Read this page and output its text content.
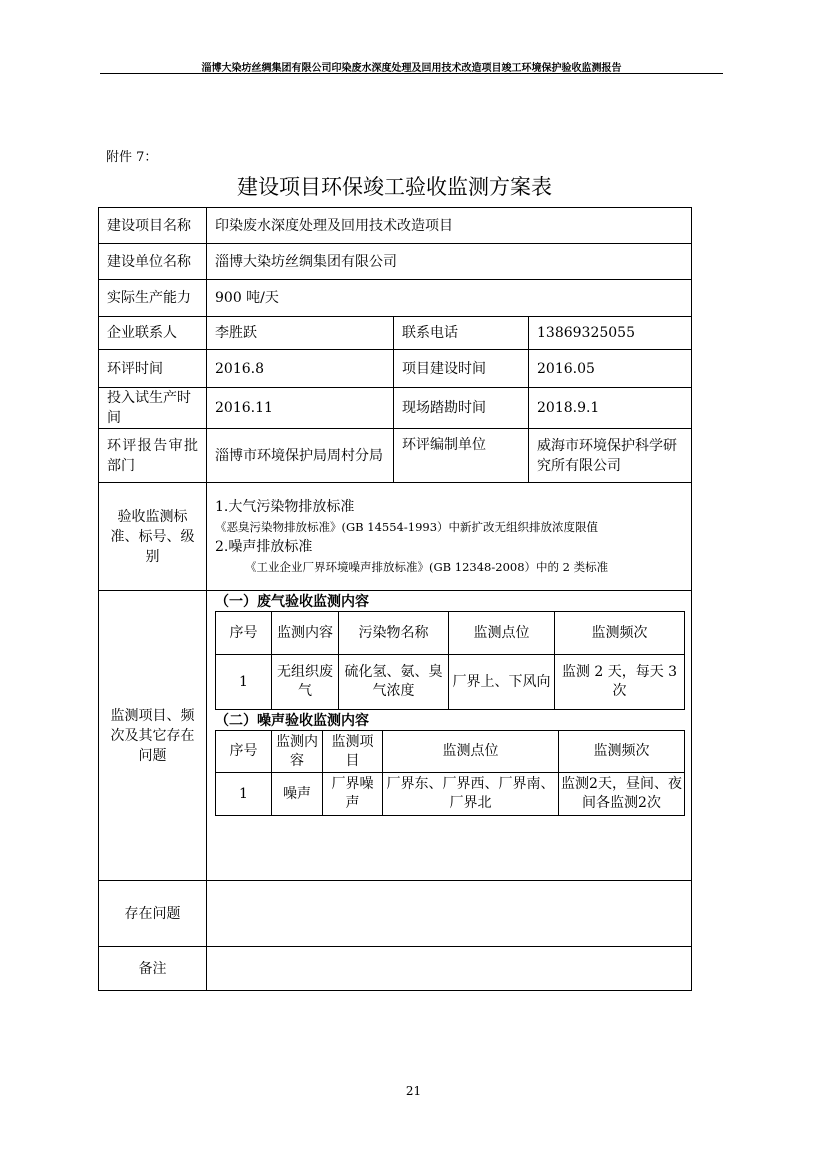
淄博大染坊丝绸集团有限公司印染废水深度处理及回用技术改造项目竣工环境保护验收监测报告
附件 7：
建设项目环保竣工验收监测方案表
建设项目名称	印染废水深度处理及回用技术改造项目
建设单位名称	淄博大染坊丝绸集团有限公司
实际生产能力	900 吨/天
企业联系人	李胜跃	联系电话	13869325055
环评时间	2016.8	项目建设时间	2016.05
投入试生产时间	2016.11	现场踏勘时间	2018.9.1
环评报告审批部门	淄博市环境保护局周村分局	环评编制单位	威海市环境保护科学研究所有限公司
验收监测标准、标号、级别	
1.大气污染物排放标准
《恶臭污染物排放标准》(GB 14554-1993）中新扩改无组织排放浓度限值
2.噪声排放标准
《工业企业厂界环境噪声排放标准》(GB 12348-2008）中的 2 类标准

监测项目、频次及其它存在问题	
（一）废气验收监测内容
序号	监测内容	污染物名称	监测点位	监测频次
1	无组织废气	硫化氢、氨、臭气浓度	厂界上、下风向	监测 2 天，每天 3 次
（二）噪声验收监测内容
序号	监测内容	监测项目	监测点位	监测频次
1	噪声	厂界噪声	厂界东、厂界西、厂界南、厂界北	监测2天，昼间、夜间各监测2次

存在问题	
备注	
21
